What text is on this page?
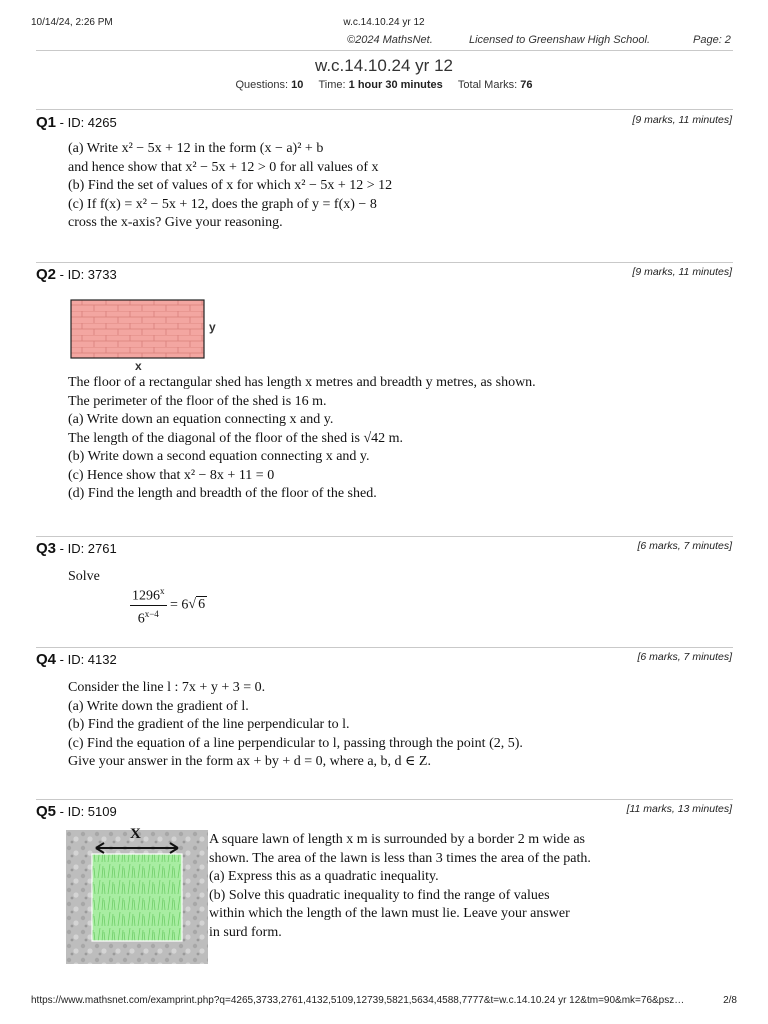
10/14/24, 2:26 PM	w.c.14.10.24 yr 12
©2024 MathsNet.	Licensed to Greenshaw High School.	Page: 2
w.c.14.10.24 yr 12
Questions: 10 Time: 1 hour 30 minutes Total Marks: 76
Q1 - ID: 4265	[9 marks, 11 minutes]
(a) Write x² − 5x + 12 in the form (x − a)² + b
and hence show that x² − 5x + 12 > 0 for all values of x
(b) Find the set of values of x for which x² − 5x + 12 > 12
(c) If f(x) = x² − 5x + 12, does the graph of y = f(x) − 8
cross the x-axis? Give your reasoning.
Q2 - ID: 3733	[9 marks, 11 minutes]
y
x
The floor of a rectangular shed has length x metres and breadth y metres, as shown.
The perimeter of the floor of the shed is 16 m.
(a) Write down an equation connecting x and y.
The length of the diagonal of the floor of the shed is √42 m.
(b) Write down a second equation connecting x and y.
(c) Hence show that x² − 8x + 11 = 0
(d) Find the length and breadth of the floor of the shed.
Q3 - ID: 2761	[6 marks, 7 minutes]
Solve
$\frac{1296^x}{6^{x-4}} = 6√$ 6
Q4 - ID: 4132	[6 marks, 7 minutes]
Consider the line l : 7x + y + 3 = 0.
(a) Write down the gradient of l.
(b) Find the gradient of the line perpendicular to l.
(c) Find the equation of a line perpendicular to l, passing through the point (2, 5).
Give your answer in the form ax + by + d = 0, where a, b, d ∈ Z.
Q5 - ID: 5109	[11 marks, 13 minutes]
X	A square lawn of length x m is surrounded by a border 2 m wide as
shown. The area of the lawn is less than 3 times the area of the path.
(a) Express this as a quadratic inequality.
(b) Solve this quadratic inequality to find the range of values
within which the length of the lawn must lie. Leave your answer
in surd form.
https://www.mathsnet.com/examprint.php?q=4265,3733,2761,4132,5109,12739,5821,5634,4588,7777&t=w.c.14.10.24 yr 12&tm=90&mk=76&psz…	2/8
